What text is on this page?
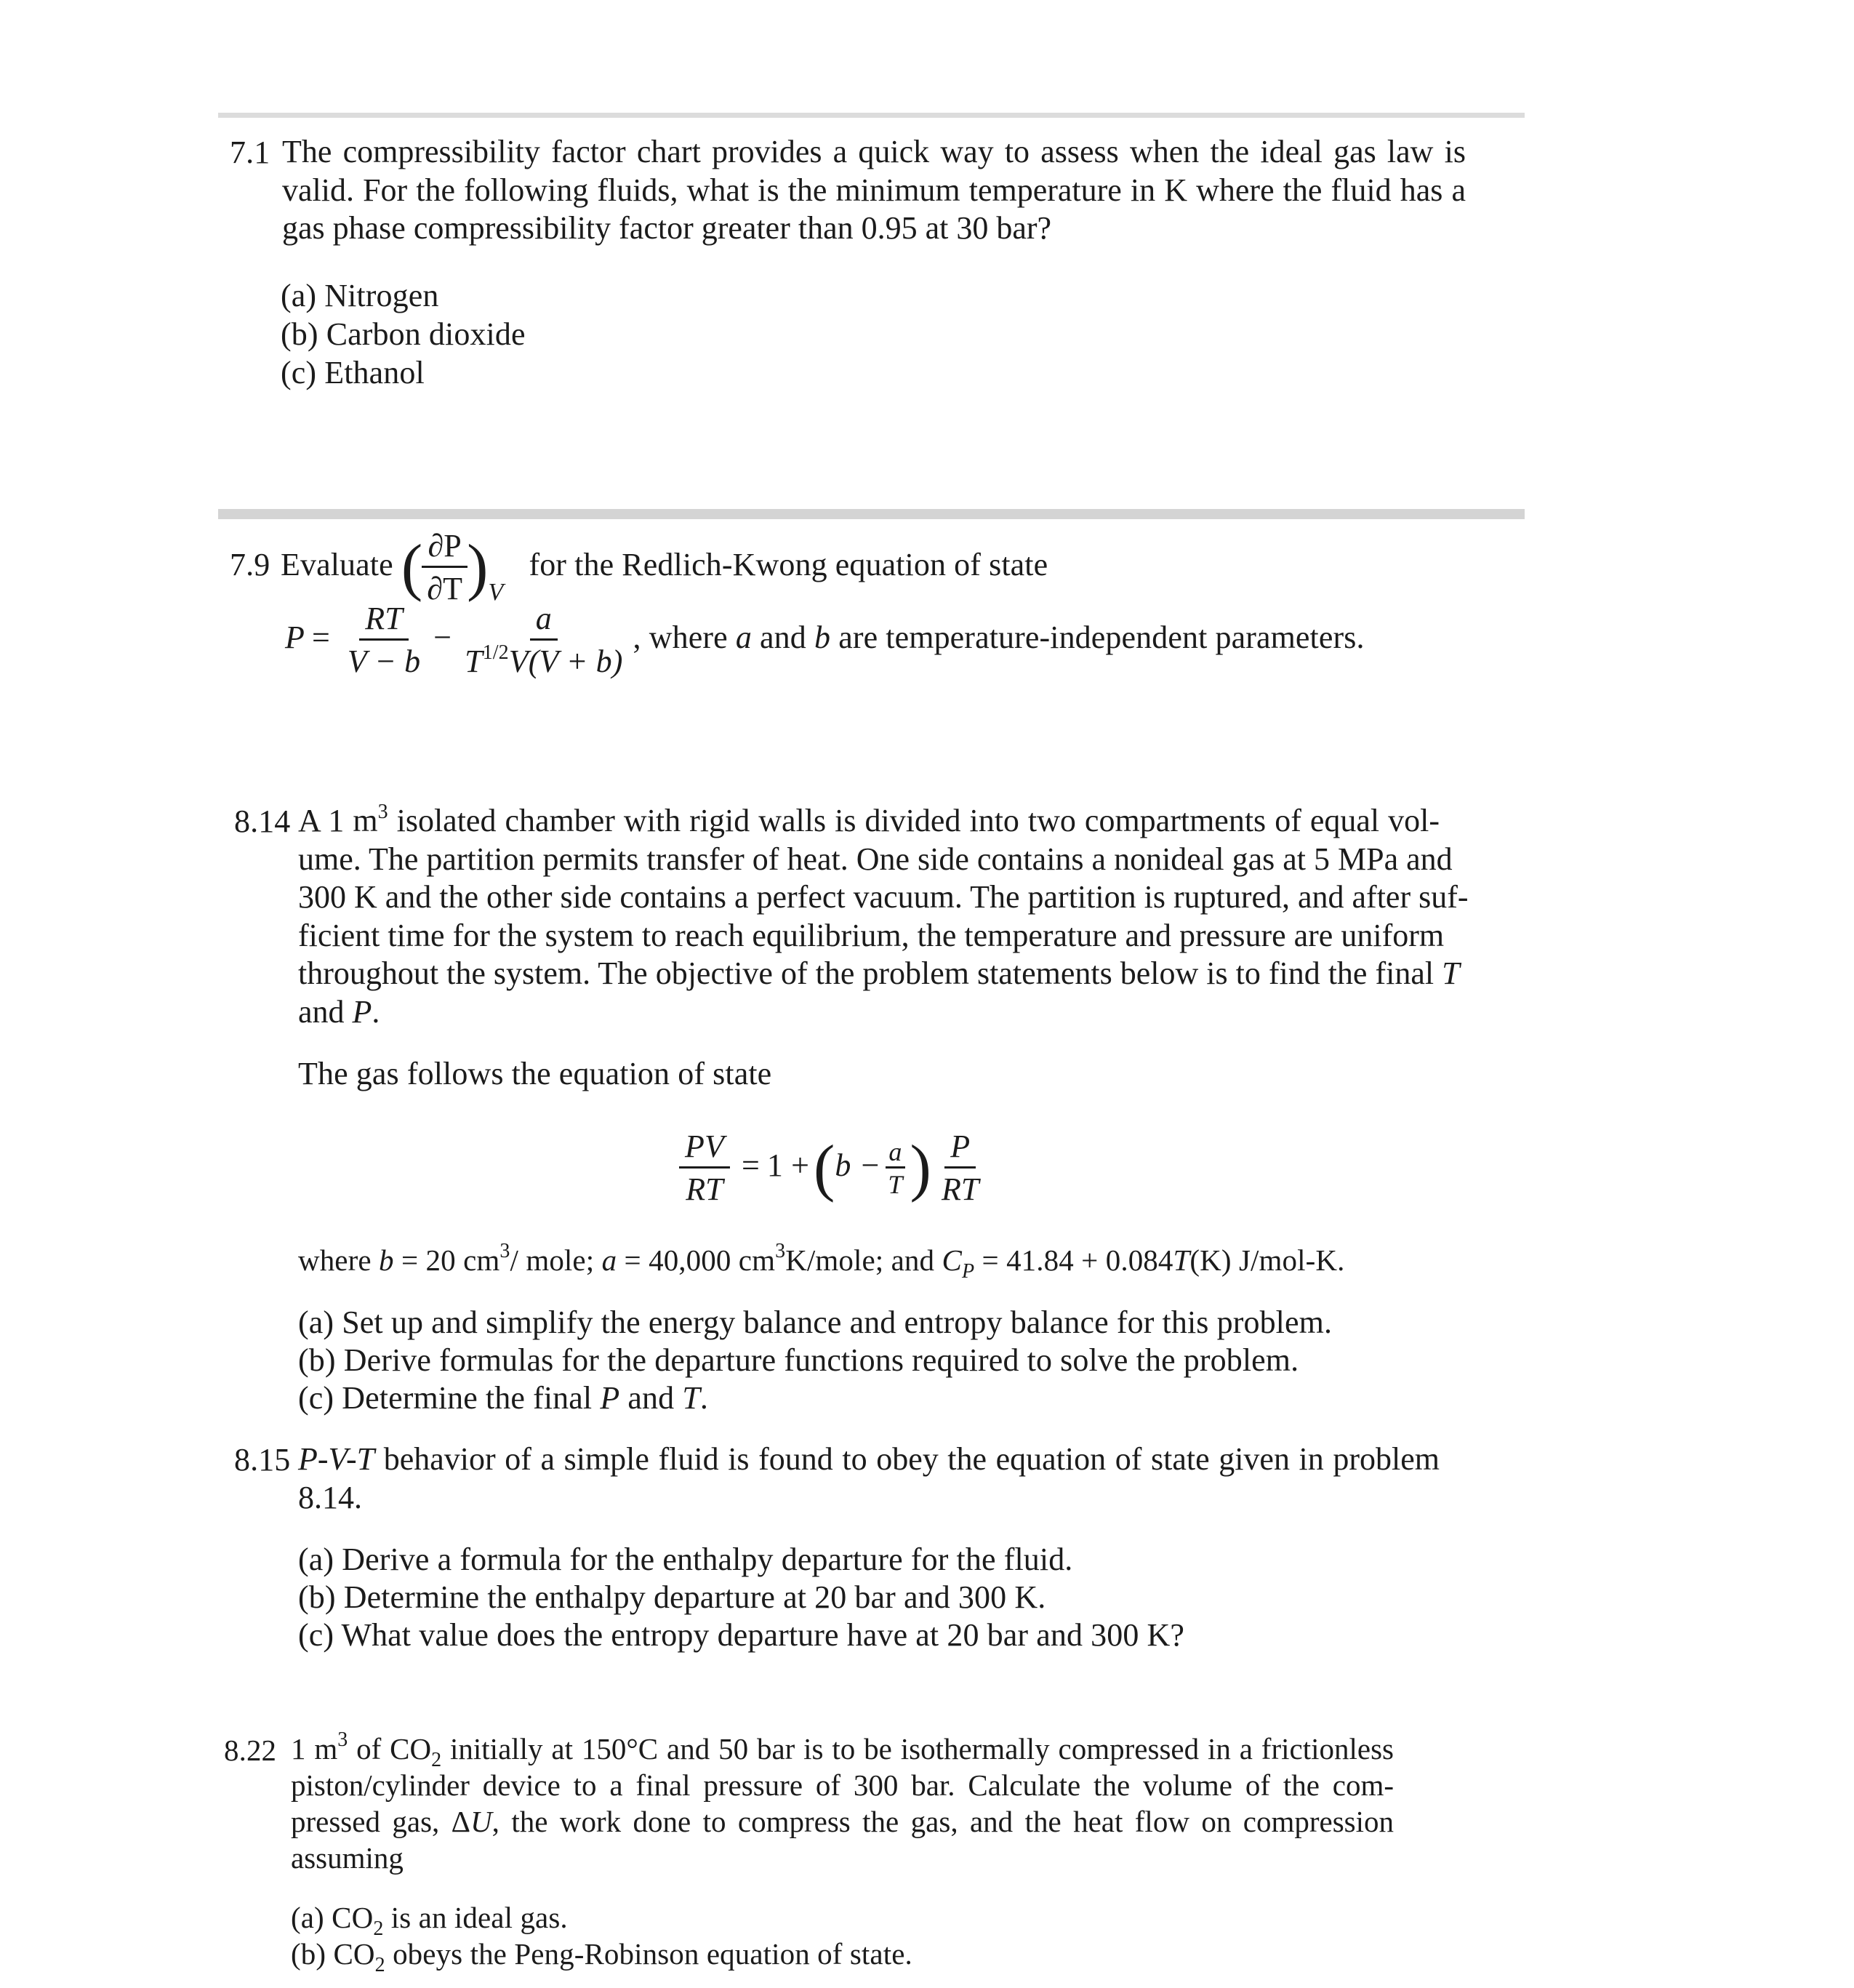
7.1 The compressibility factor chart provides a quick way to assess when the ideal gas law is
valid. For the following fluids, what is the minimum temperature in K where the fluid has a
gas phase compressibility factor greater than 0.95 at 30 bar?
(a) Nitrogen
(b) Carbon dioxide
(c) Ethanol
7.9 Evaluate (
$\frac{\partial P}{\partial T}$
)$_V$ for the Redlich-Kwong equation of state
$P = \frac{RT}{V - b} - \frac{a}{T^{1/2}V(V + b)}$ , where a and b are temperature-independent parameters.
8.14 A 1 $m^3$ isolated chamber with rigid walls is divided into two compartments of equal vol-
ume. The partition permits transfer of heat. One side contains a nonideal gas at 5 MPa and
300 K and the other side contains a perfect vacuum. The partition is ruptured, and after suf-
ficient time for the system to reach equilibrium, the temperature and pressure are uniform
throughout the system. The objective of the problem statements below is to find the final T
and P.
The gas follows the equation of state
$\frac{PV}{RT} = 1 +(b - \frac{a}{T}$ ) $\frac{P}{RT}$
where b = 20 $cm^3/$ mole; a = 40,000 $cm^3K$/mole; and $C_P = 41.84 + 0.084T(K)$ J/mol-K.
(a) Set up and simplify the energy balance and entropy balance for this problem.
(b) Derive formulas for the departure functions required to solve the problem.
(c) Determine the final P and T.
8.15 P-V-T behavior of a simple fluid is found to obey the equation of state given in problem
8.14.
(a) Derive a formula for the enthalpy departure for the fluid.
(b) Determine the enthalpy departure at 20 bar and 300 K.
(c) What value does the entropy departure have at 20 bar and 300 K?
8.22 1 $m^3$ of $CO_2$ initially at 150°C and 50 bar is to be isothermally compressed in a frictionless
piston/cylinder device to a final pressure of 300 bar. Calculate the volume of the com-
pressed gas, ΔU, the work done to compress the gas, and the heat flow on compression
assuming
(a) $CO_2$ is an ideal gas.
(b) $CO_2$ obeys the Peng-Robinson equation of state.
